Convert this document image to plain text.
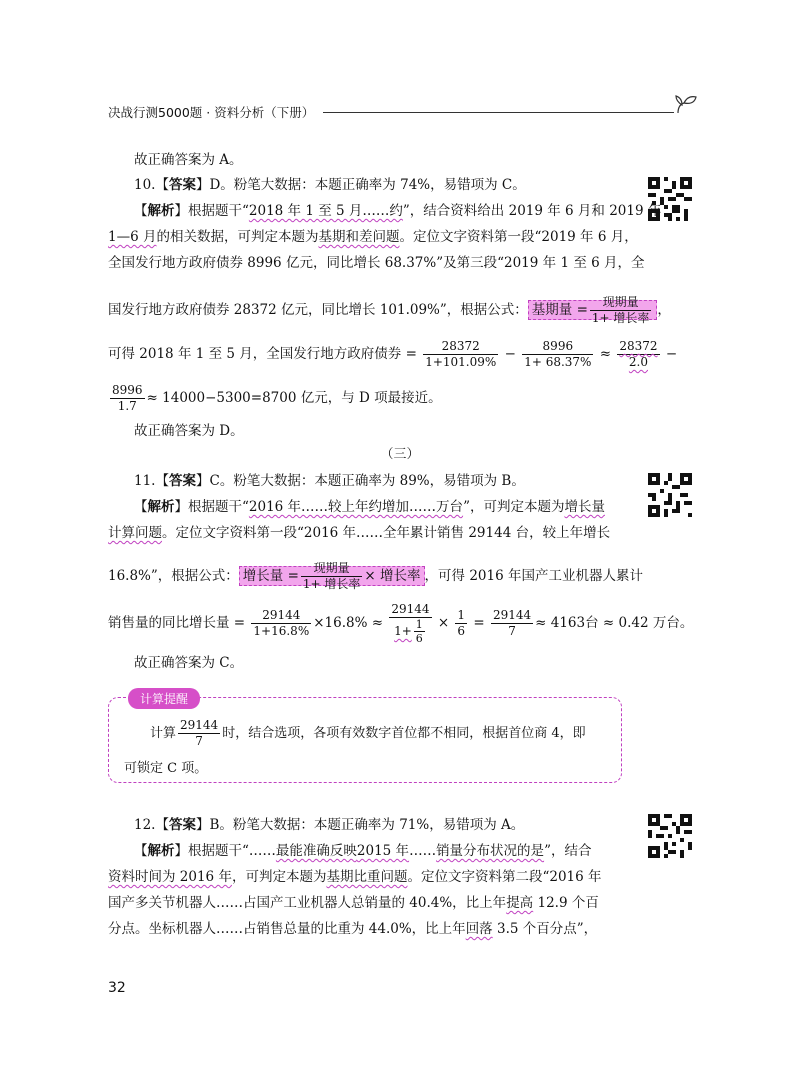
决战行测5000题 · 资料分析（下册）
故正确答案为 A。
10.【答案】D。粉笔大数据：本题正确率为 74%，易错项为 C。
【解析】根据题干“2018 年 1 至 5 月……约”，结合资料给出 2019 年 6 月和 2019 年
1—6 月的相关数据，可判定本题为基期和差问题。定位文字资料第一段“2019 年 6 月，
全国发行地方政府债券 8996 亿元，同比增长 68.37%”及第三段“2019 年 1 至 6 月，全
国发行地方政府债券 28372 亿元，同比增长 101.09%”，根据公式： 基期量 = $\frac{\text{现期量}}{\text{1+ 增长率}}$ ，
可得 2018 年 1 至 5 月，全国发行地方政府债券 = $\frac{28372}{1+101.09\%} - \frac{8996}{1+ 68.37\%} \approx \frac{28372}{2.0}$ −
$\frac{8996}{1.7} \approx 14000-5300=8700$ 亿元，与 D 项最接近。
故正确答案为 D。
（三）
11.【答案】C。粉笔大数据：本题正确率为 89%，易错项为 B。
【解析】根据题干“2016 年……较上年约增加……万台”，可判定本题为增长量
计算问题。定位文字资料第一段“2016 年……全年累计销售 29144 台，较上年增长
16.8%”，根据公式： 增长量 = $\frac{\text{现期量}}{\text{1+ 增长率}}$ × 增长率 ，可得 2016 年国产工业机器人累计
销售量的同比增长量 = $\frac{29144}{1+16.8\%} \times 16.8\% \approx \frac{29144}{1+ \frac{1}{6}} \times \frac{1}{6} = \frac{29144}{7} \approx 4163$台 ≈ 0.42 万台。
故正确答案为 C。
计算提醒
计算 $\frac{29144}{7}$ 时，结合选项，各项有效数字首位都不相同，根据首位商 4，即
可锁定 C 项。
12.【答案】B。粉笔大数据：本题正确率为 71%，易错项为 A。
【解析】根据题干“……最能准确反映2015 年……销量分布状况的是”，结合
资料时间为 2016 年，可判定本题为基期比重问题。定位文字资料第二段“2016 年
国产多关节机器人……占国产工业机器人总销量的 40.4%，比上年提高 12.9 个百
分点。坐标机器人……占销售总量的比重为 44.0%，比上年回落 3.5 个百分点”，
32
